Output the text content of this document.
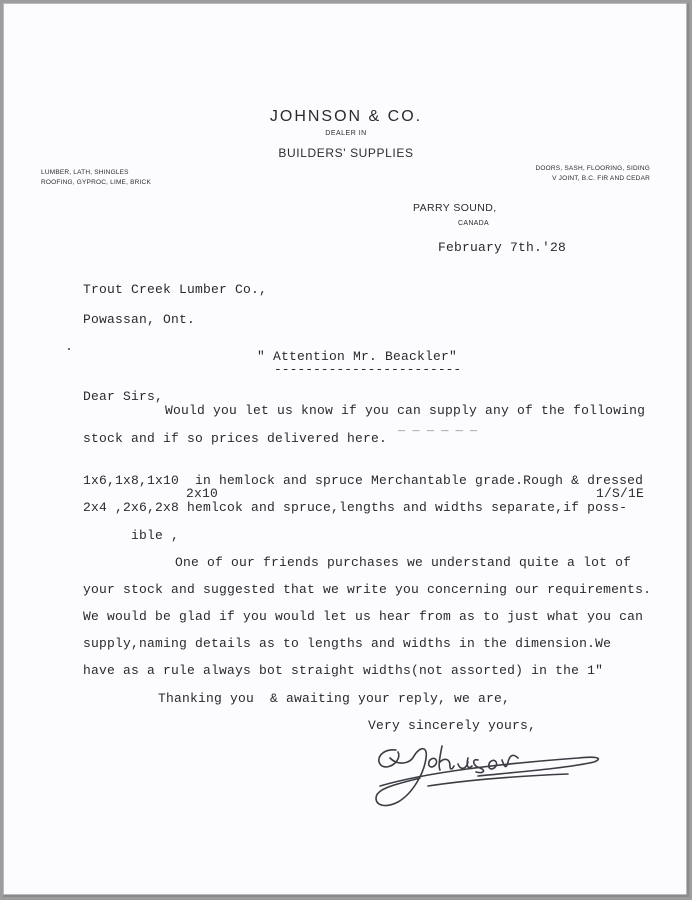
JOHNSON & CO.
DEALER IN
BUILDERS' SUPPLIES
LUMBER, LATH, SHINGLES
ROOFING, GYPROC, LIME, BRICK
DOORS, SASH, FLOORING, SIDING
V JOINT, B.C. FIR AND CEDAR
PARRY SOUND,
CANADA
February 7th.'28
Trout Creek Lumber Co.,
Powassan, Ont.
" Attention Mr. Beackler"
------------------------
Dear Sirs,
Would you let us know if you can supply any of the following
stock and if so prices delivered here.
_ _ _ _ _ _
1x6,1x8,1x10  in hemlock and spruce Merchantable grade.Rough & dressed
2x10	1/S/1E
2x4 ,2x6,2x8 hemlcok and spruce,lengths and widths separate,if poss-
ible ,
One of our friends purchases we understand quite a lot of
your stock and suggested that we write you concerning our requirements.
We would be glad if you would let us hear from as to just what you can
supply,naming details as to lengths and widths in the dimension.We
have as a rule always bot straight widths(not assorted) in the 1"
Thanking you  & awaiting your reply, we are,
Very sincerely yours,
